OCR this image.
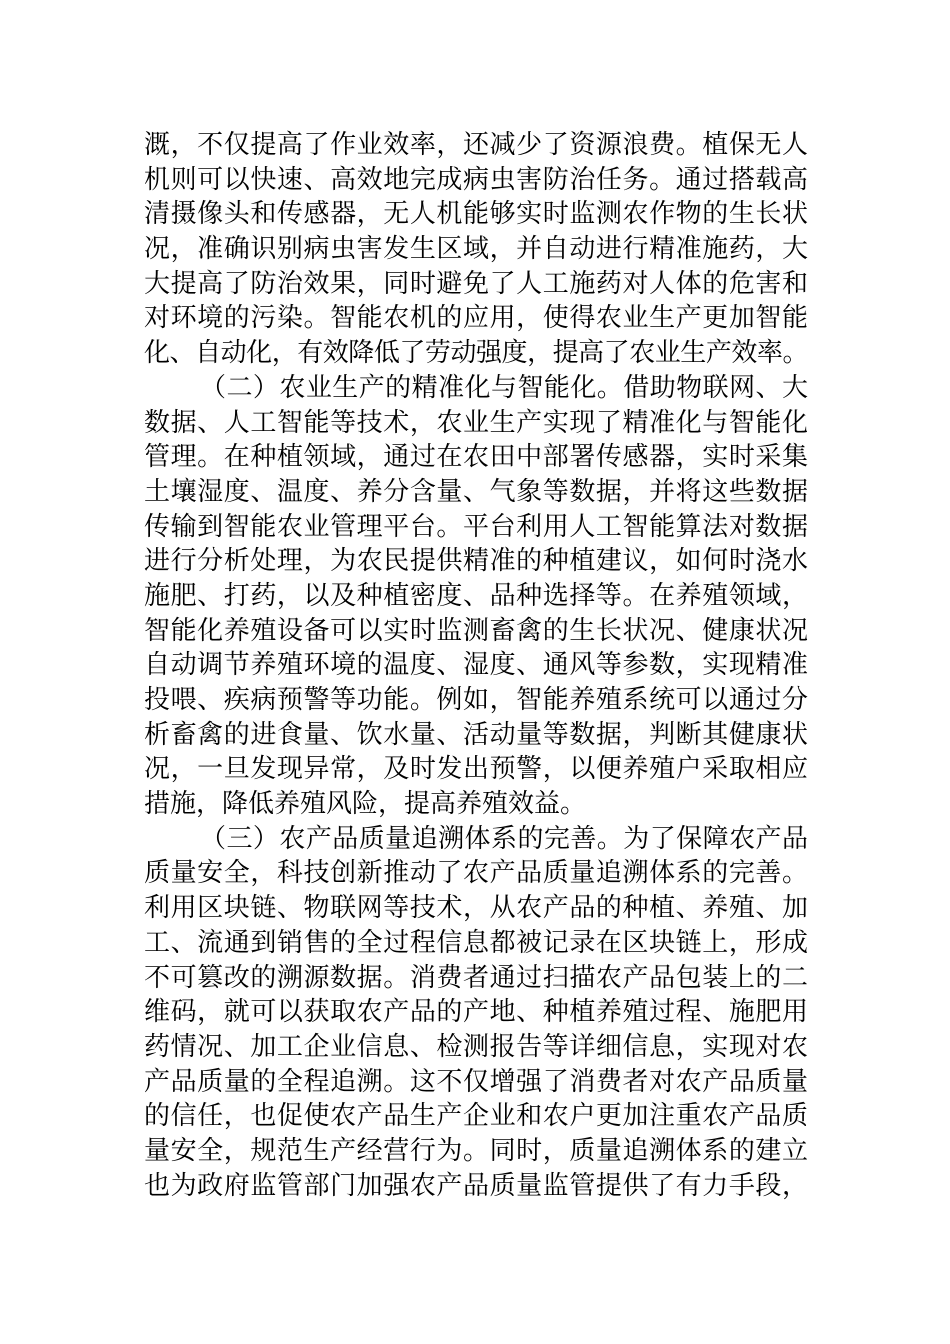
溉，不仅提高了作业效率，还减少了资源浪费。植保无人
机则可以快速、高效地完成病虫害防治任务。通过搭载高
清摄像头和传感器，无人机能够实时监测农作物的生长状
况，准确识别病虫害发生区域，并自动进行精准施药，大
大提高了防治效果，同时避免了人工施药对人体的危害和
对环境的污染。智能农机的应用，使得农业生产更加智能
化、自动化，有效降低了劳动强度，提高了农业生产效率。
（二）农业生产的精准化与智能化。借助物联网、大
数据、人工智能等技术，农业生产实现了精准化与智能化
管理。在种植领域，通过在农田中部署传感器，实时采集
土壤湿度、温度、养分含量、气象等数据，并将这些数据
传输到智能农业管理平台。平台利用人工智能算法对数据
进行分析处理，为农民提供精准的种植建议，如何时浇水
施肥、打药，以及种植密度、品种选择等。在养殖领域，
智能化养殖设备可以实时监测畜禽的生长状况、健康状况
自动调节养殖环境的温度、湿度、通风等参数，实现精准
投喂、疾病预警等功能。例如，智能养殖系统可以通过分
析畜禽的进食量、饮水量、活动量等数据，判断其健康状
况，一旦发现异常，及时发出预警，以便养殖户采取相应
措施，降低养殖风险，提高养殖效益。
（三）农产品质量追溯体系的完善。为了保障农产品
质量安全，科技创新推动了农产品质量追溯体系的完善。
利用区块链、物联网等技术，从农产品的种植、养殖、加
工、流通到销售的全过程信息都被记录在区块链上，形成
不可篡改的溯源数据。消费者通过扫描农产品包装上的二
维码，就可以获取农产品的产地、种植养殖过程、施肥用
药情况、加工企业信息、检测报告等详细信息，实现对农
产品质量的全程追溯。这不仅增强了消费者对农产品质量
的信任，也促使农产品生产企业和农户更加注重农产品质
量安全，规范生产经营行为。同时，质量追溯体系的建立
也为政府监管部门加强农产品质量监管提供了有力手段，
